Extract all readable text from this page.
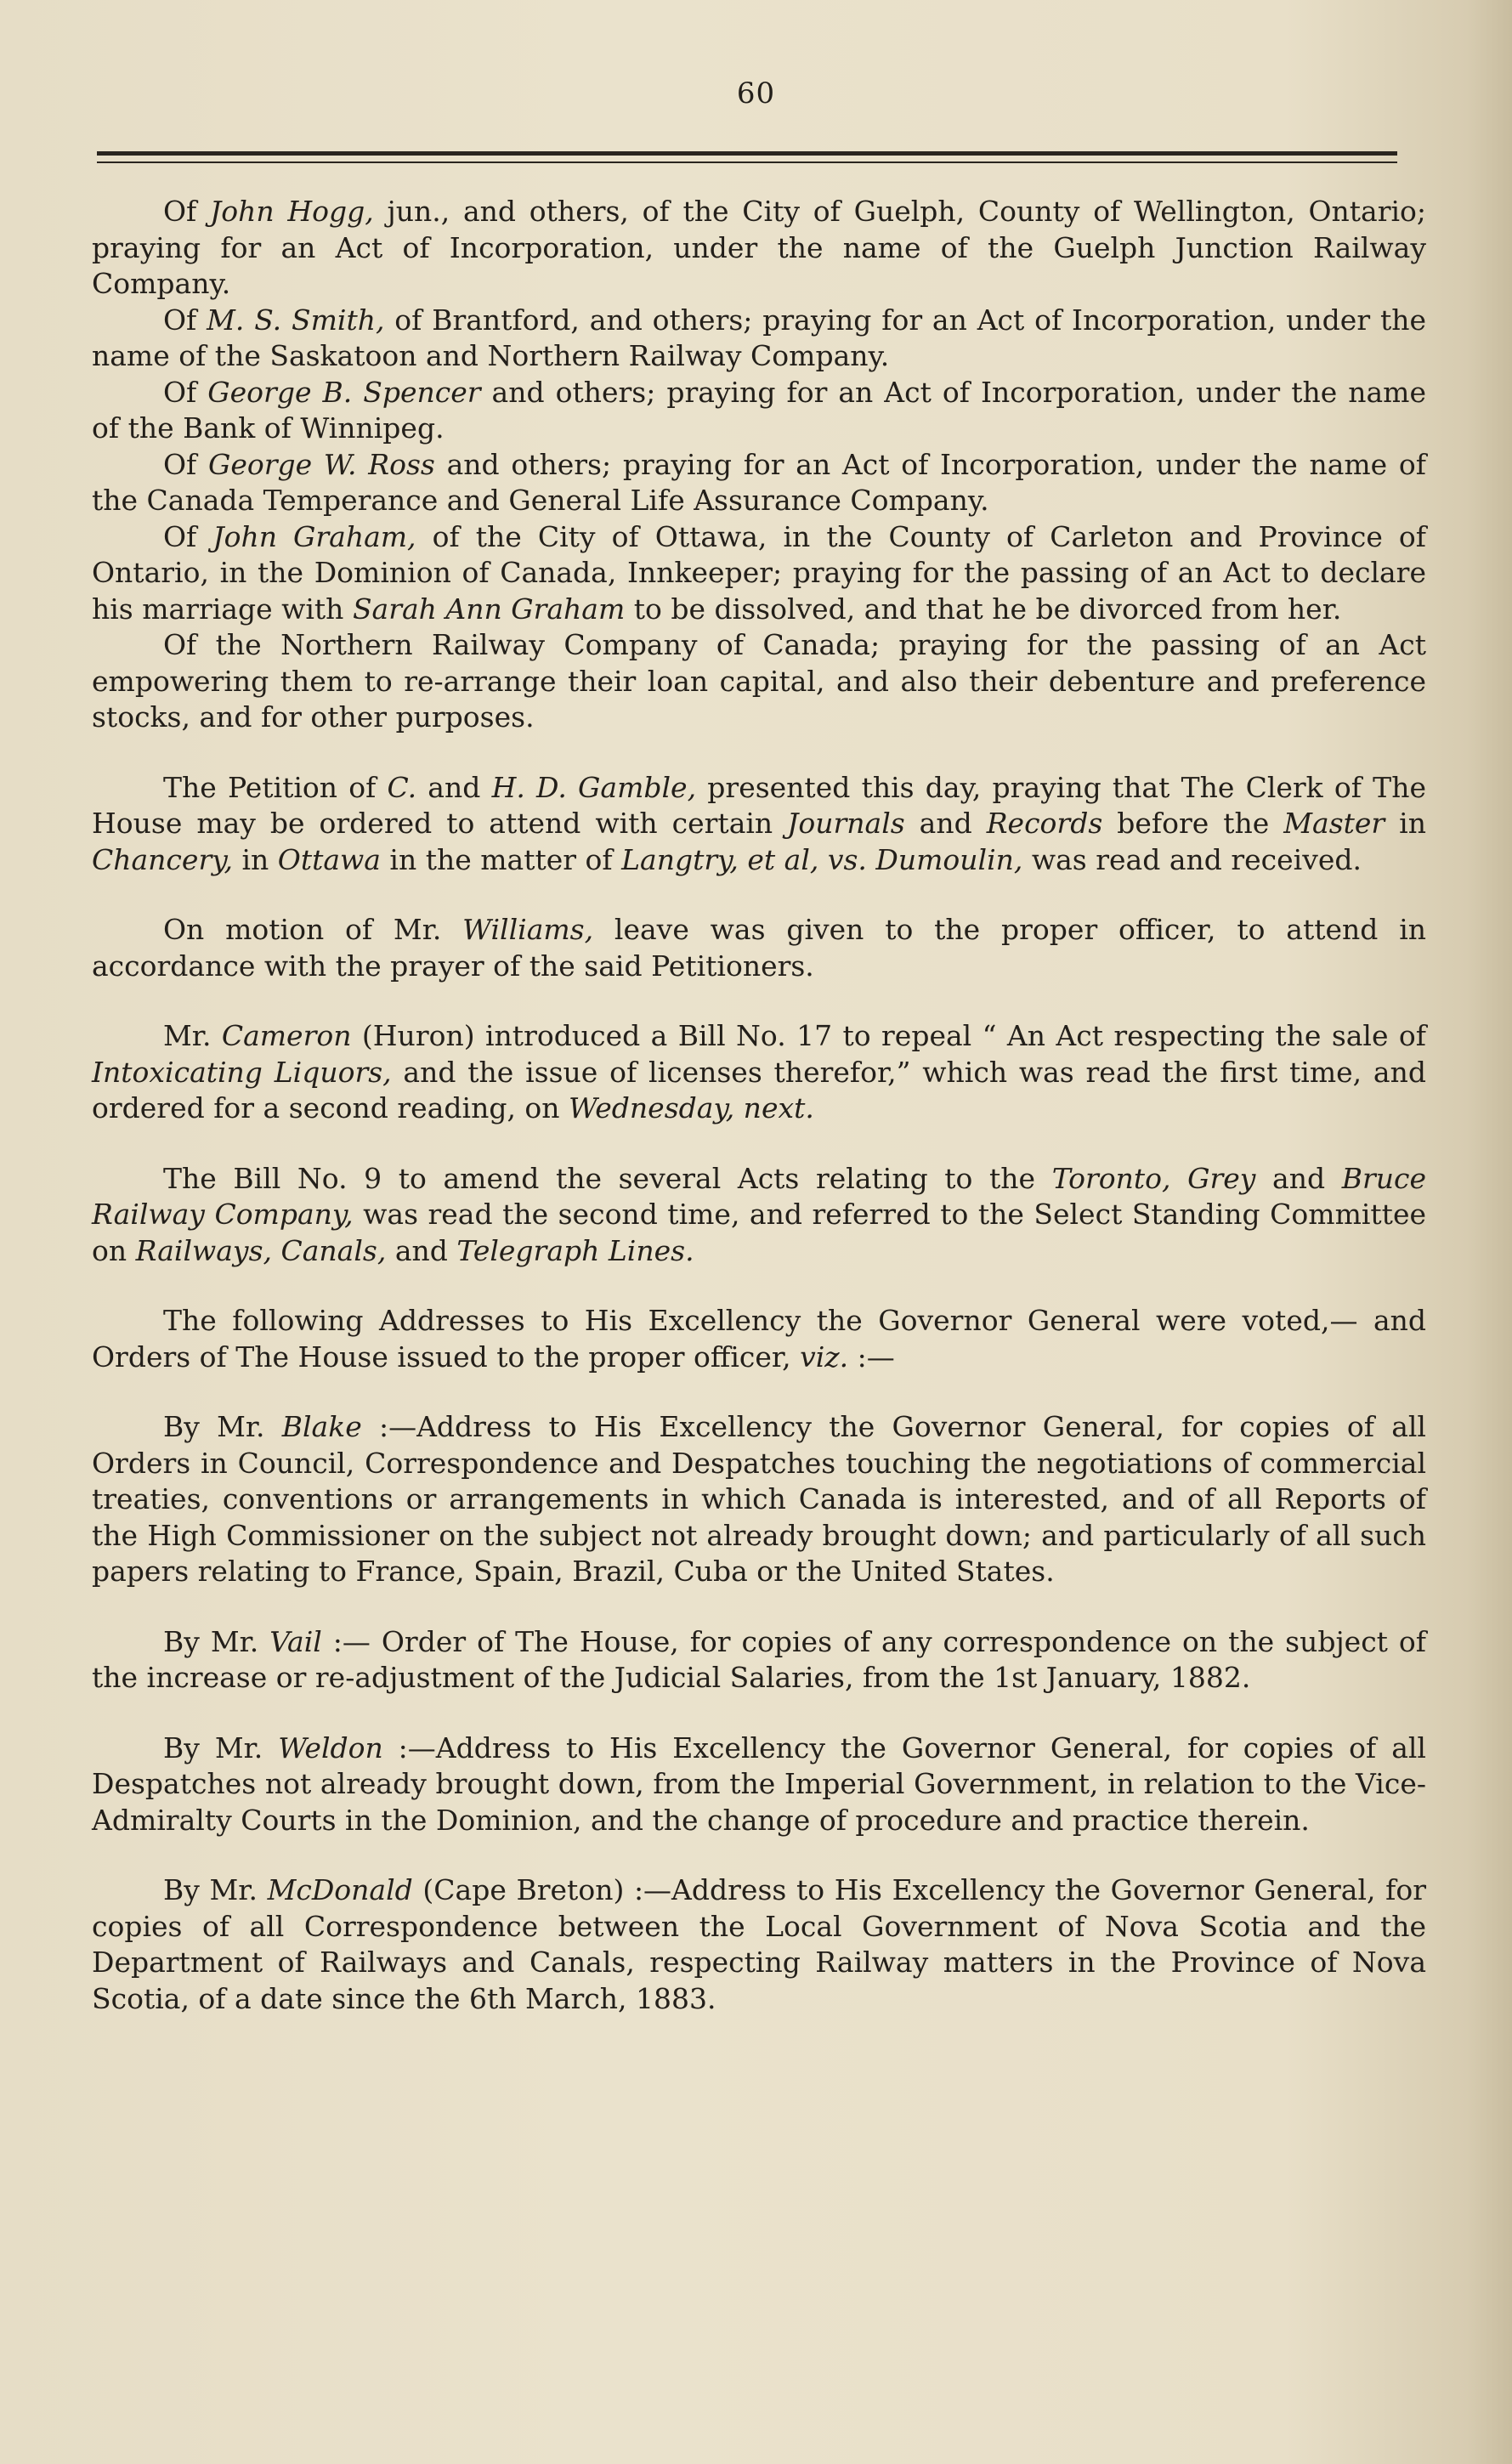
60

Of John Hogg, jun., and others, of the City of Guelph, County of Wellington, Ontario; praying for an Act of Incorporation, under the name of the Guelph Junction Railway Company.

Of M. S. Smith, of Brantford, and others; praying for an Act of Incorporation, under the name of the Saskatoon and Northern Railway Company.

Of George B. Spencer and others; praying for an Act of Incorporation, under the name of the Bank of Winnipeg.

Of George W. Ross and others; praying for an Act of Incorporation, under the name of the Canada Temperance and General Life Assurance Company.

Of John Graham, of the City of Ottawa, in the County of Carleton and Province of Ontario, in the Dominion of Canada, Innkeeper; praying for the passing of an Act to declare his marriage with Sarah Ann Graham to be dissolved, and that he be divorced from her.

Of the Northern Railway Company of Canada; praying for the passing of an Act empowering them to re-arrange their loan capital, and also their debenture and preference stocks, and for other purposes.

The Petition of C. and H. D. Gamble, presented this day, praying that The Clerk of The House may be ordered to attend with certain Journals and Records before the Master in Chancery, in Ottawa in the matter of Langtry, et al, vs. Dumoulin, was read and received.

On motion of Mr. Williams, leave was given to the proper officer, to attend in accordance with the prayer of the said Petitioners.

Mr. Cameron (Huron) introduced a Bill No. 17 to repeal “ An Act respecting the sale of Intoxicating Liquors, and the issue of licenses therefor,” which was read the first time, and ordered for a second reading, on Wednesday, next.

The Bill No. 9 to amend the several Acts relating to the Toronto, Grey and Bruce Railway Company, was read the second time, and referred to the Select Standing Committee on Railways, Canals, and Telegraph Lines.

The following Addresses to His Excellency the Governor General were voted,— and Orders of The House issued to the proper officer, viz. :—

By Mr. Blake :—Address to His Excellency the Governor General, for copies of all Orders in Council, Correspondence and Despatches touching the negotiations of commercial treaties, conventions or arrangements in which Canada is interested, and of all Reports of the High Commissioner on the subject not already brought down; and particularly of all such papers relating to France, Spain, Brazil, Cuba or the United States.

By Mr. Vail :— Order of The House, for copies of any correspondence on the subject of the increase or re-adjustment of the Judicial Salaries, from the 1st January, 1882.

By Mr. Weldon :—Address to His Excellency the Governor General, for copies of all Despatches not already brought down, from the Imperial Government, in relation to the Vice-Admiralty Courts in the Dominion, and the change of procedure and practice therein.

By Mr. McDonald (Cape Breton) :—Address to His Excellency the Governor General, for copies of all Correspondence between the Local Government of Nova Scotia and the Department of Railways and Canals, respecting Railway matters in the Province of Nova Scotia, of a date since the 6th March, 1883.
